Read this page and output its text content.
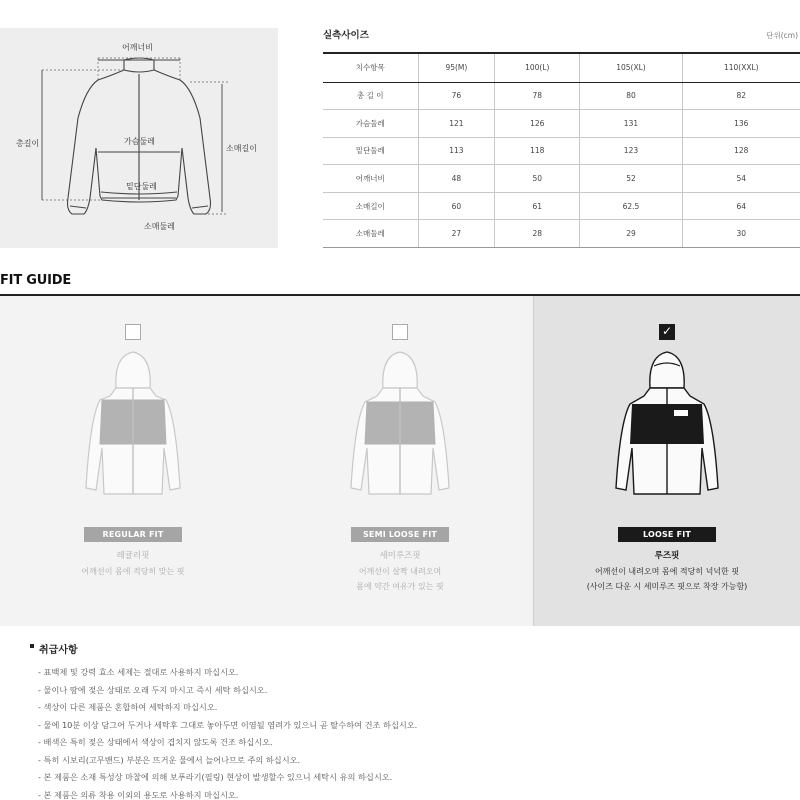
어깨너비
총길이	가슴둘레
밑단둘레
소매길이
소매둘레
실측사이즈	단위(cm)
치수항목	95(M)	100(L)	105(XL)	110(XXL)
총 길 이	76	78	80	82
가슴둘레	121	126	131	136
밑단둘레	113	118	123	128
어깨너비	48	50	52	54
소매길이	60	61	62.5	64
소매둘레	27	28	29	30
FIT GUIDE
REGULAR FIT
레귤러핏
어깨선이 몸에 적당히 맞는 핏
SEMI LOOSE FIT
세미루즈핏
어깨선이 살짝 내려오며
몸에 약간 여유가 있는 핏
✓
LOOSE FIT
루즈핏
어깨선이 내려오며 몸에 적당히 넉넉한 핏
(사이즈 다운 시 세미루즈 핏으로 착장 가능함)
취급사항
- 표백제 및 강력 효소 세제는 절대로 사용하지 마십시오.
- 물이나 땀에 젖은 상태로 오래 두지 마시고 즉시 세탁 하십시오.
- 색상이 다른 제품은 혼합하여 세탁하지 마십시오.
- 물에 10분 이상 담그어 두거나 세탁후 그대로 놓아두면 이염될 염려가 있으니 곧 탈수하여 건조 하십시오.
- 배색은 특히 젖은 상태에서 색상이 겹치지 않도록 건조 하십시오.
- 특히 시보리(고무밴드) 부분은 뜨거운 물에서 늘어나므로 주의 하십시오.
- 본 제품은 소재 특성상 마찰에 의해 보푸라기(필링) 현상이 발생할수 있으니 세탁시 유의 하십시오.
- 본 제품은 의류 착용 이외의 용도로 사용하지 마십시오.
